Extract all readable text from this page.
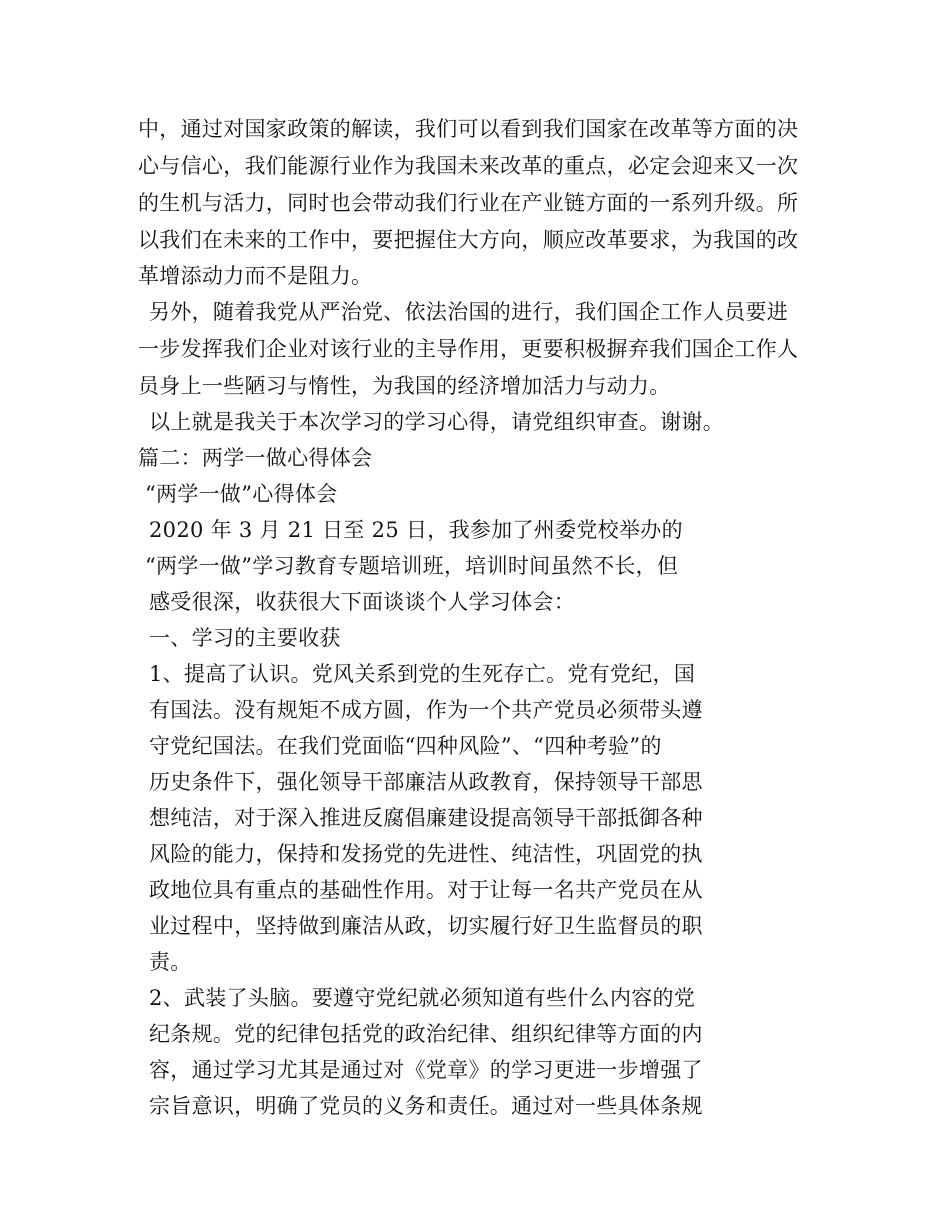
中，通过对国家政策的解读，我们可以看到我们国家在改革等方面的决
心与信心，我们能源行业作为我国未来改革的重点，必定会迎来又一次
的生机与活力，同时也会带动我们行业在产业链方面的一系列升级。所
以我们在未来的工作中，要把握住大方向，顺应改革要求，为我国的改
革增添动力而不是阻力。
另外，随着我党从严治党、依法治国的进行，我们国企工作人员要进
一步发挥我们企业对该行业的主导作用，更要积极摒弃我们国企工作人
员身上一些陋习与惰性，为我国的经济增加活力与动力。
以上就是我关于本次学习的学习心得，请党组织审查。谢谢。
篇二：两学一做心得体会
“两学一做”心得体会
2020 年 3 月 21 日至 25 日，我参加了州委党校举办的
“两学一做”学习教育专题培训班，培训时间虽然不长，但
感受很深，收获很大下面谈谈个人学习体会：
一、学习的主要收获
1、提高了认识。党风关系到党的生死存亡。党有党纪，国
有国法。没有规矩不成方圆，作为一个共产党员必须带头遵
守党纪国法。在我们党面临“四种风险”、“四种考验”的
历史条件下，强化领导干部廉洁从政教育，保持领导干部思
想纯洁，对于深入推进反腐倡廉建设提高领导干部抵御各种
风险的能力，保持和发扬党的先进性、纯洁性，巩固党的执
政地位具有重点的基础性作用。对于让每一名共产党员在从
业过程中，坚持做到廉洁从政，切实履行好卫生监督员的职
责。
2、武装了头脑。要遵守党纪就必须知道有些什么内容的党
纪条规。党的纪律包括党的政治纪律、组织纪律等方面的内
容，通过学习尤其是通过对《党章》的学习更进一步增强了
宗旨意识，明确了党员的义务和责任。通过对一些具体条规
